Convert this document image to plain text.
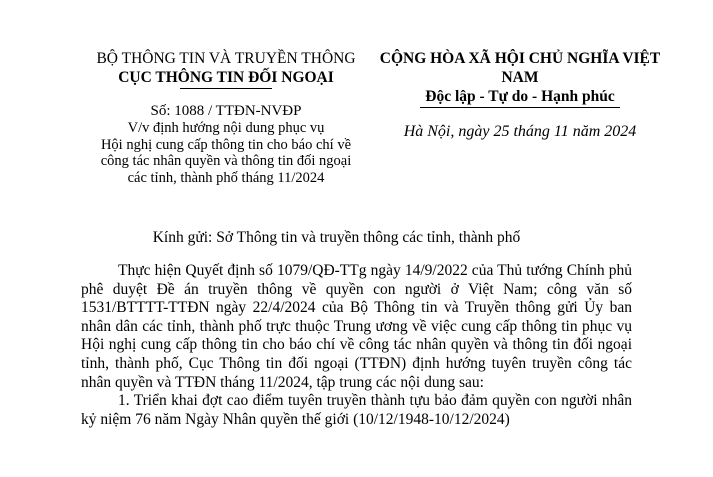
BỘ THÔNG TIN VÀ TRUYỀN THÔNG
CỤC THÔNG TIN ĐỐI NGOẠI
Số: 1088 / TTĐN-NVĐP
V/v định hướng nội dung phục vụ
Hội nghị cung cấp thông tin cho báo chí về
công tác nhân quyền và thông tin đối ngoại
các tỉnh, thành phố tháng 11/2024
CỘNG HÒA XÃ HỘI CHỦ NGHĨA VIỆT NAM
Độc lập - Tự do - Hạnh phúc
Hà Nội, ngày 25 tháng 11 năm 2024
Kính gửi: Sở Thông tin và truyền thông các tỉnh, thành phố

Thực hiện Quyết định số 1079/QĐ-TTg ngày 14/9/2022 của Thủ tướng Chính phủ phê duyệt Đề án truyền thông về quyền con người ở Việt Nam; công văn số 1531/BTTTT-TTĐN ngày 22/4/2024 của Bộ Thông tin và Truyền thông gửi Ủy ban nhân dân các tỉnh, thành phố trực thuộc Trung ương về việc cung cấp thông tin phục vụ Hội nghị cung cấp thông tin cho báo chí về công tác nhân quyền và thông tin đối ngoại tỉnh, thành phố, Cục Thông tin đối ngoại (TTĐN) định hướng tuyên truyền công tác nhân quyền và TTĐN tháng 11/2024, tập trung các nội dung sau:

1. Triển khai đợt cao điểm tuyên truyền thành tựu bảo đảm quyền con người nhân kỷ niệm 76 năm Ngày Nhân quyền thế giới (10/12/1948-10/12/2024)
